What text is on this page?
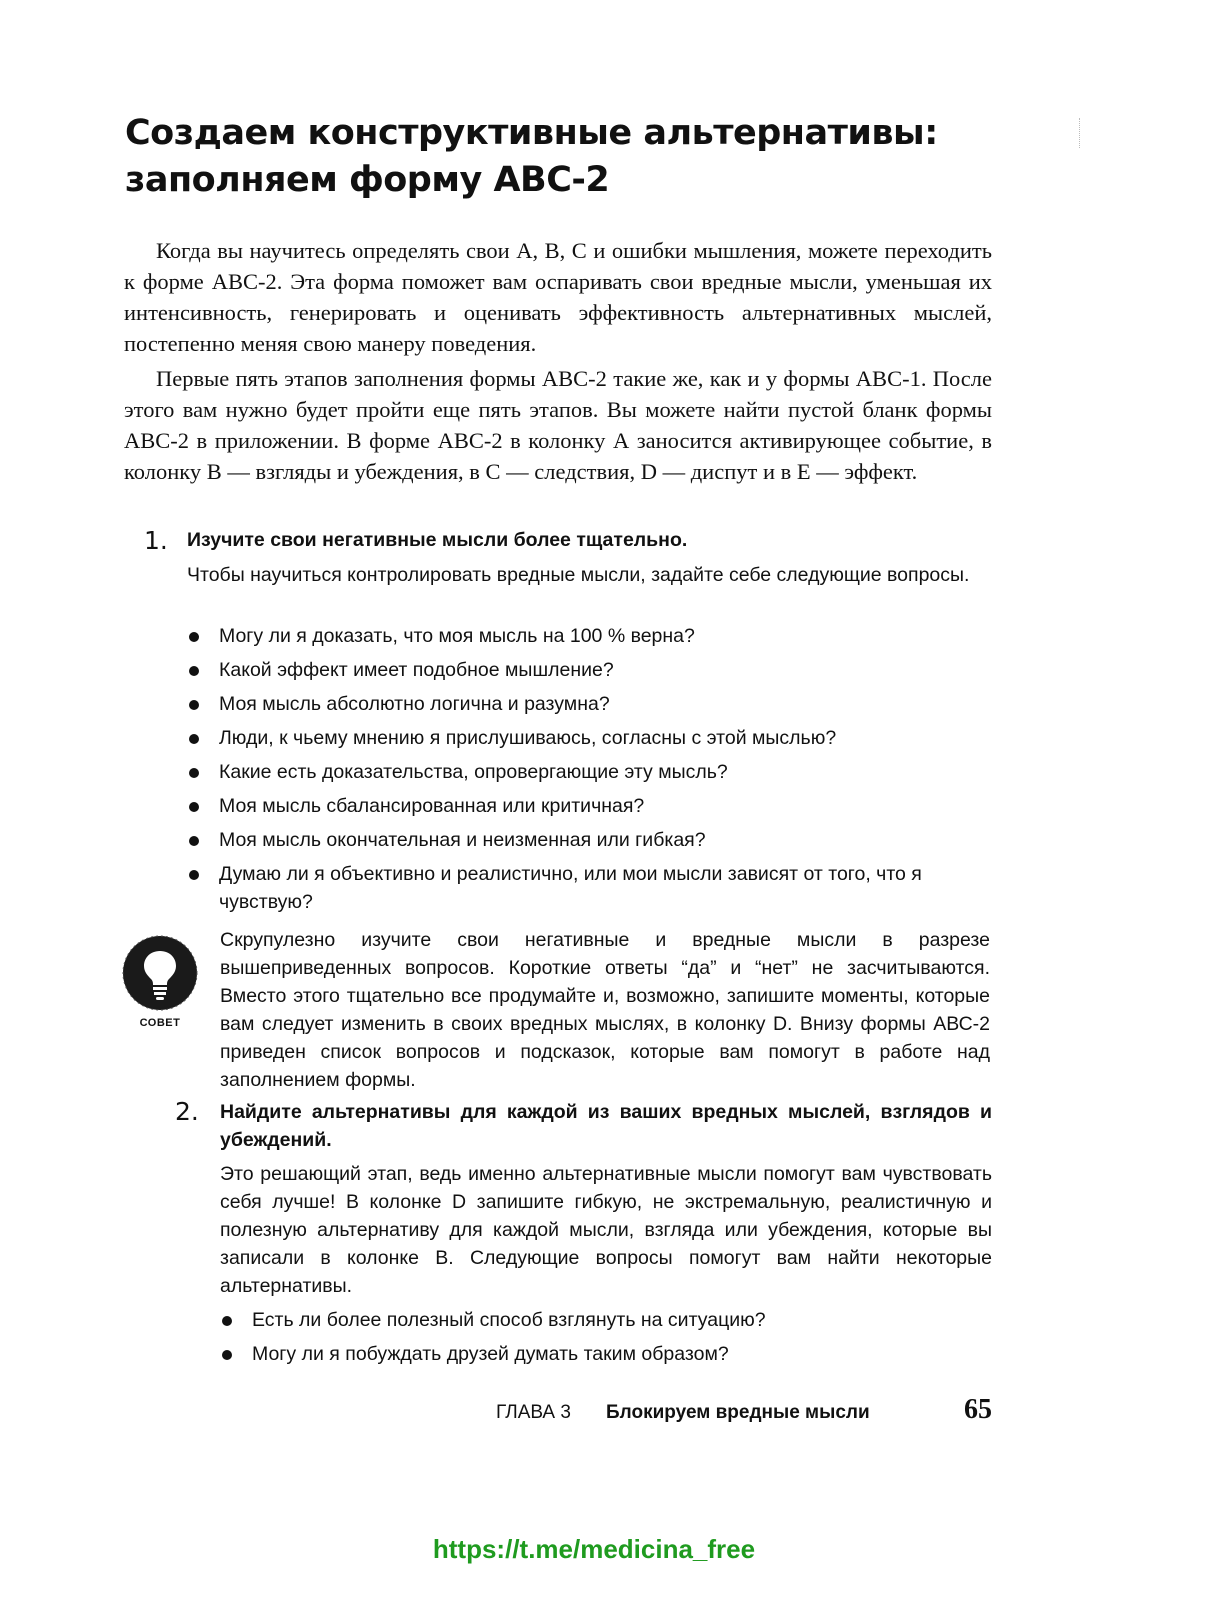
Создаем конструктивные альтернативы:
заполняем форму АВС-2

Когда вы научитесь определять свои А, В, С и ошибки мышления, можете переходить к форме АВС-2. Эта форма поможет вам оспаривать свои вредные мысли, уменьшая их интенсивность, генерировать и оценивать эффективность альтернативных мыслей, постепенно меняя свою манеру поведения.

Первые пять этапов заполнения формы АВС-2 такие же, как и у формы АВС-1. После этого вам нужно будет пройти еще пять этапов. Вы можете найти пустой бланк формы АВС-2 в приложении. В форме АВС-2 в колонку А заносится активирующее событие, в колонку В — взгляды и убеждения, в С — следствия, D — диспут и в Е — эффект.

1. Изучите свои негативные мысли более тщательно.

Чтобы научиться контролировать вредные мысли, задайте себе следующие вопросы.

Могу ли я доказать, что моя мысль на 100 % верна?
Какой эффект имеет подобное мышление?
Моя мысль абсолютно логична и разумна?
Люди, к чьему мнению я прислушиваюсь, согласны с этой мыслью?
Какие есть доказательства, опровергающие эту мысль?
Моя мысль сбалансированная или критичная?
Моя мысль окончательная и неизменная или гибкая?
Думаю ли я объективно и реалистично, или мои мысли зависят от того, что я чувствую?
СОВЕТ

Скрупулезно изучите свои негативные и вредные мысли в разрезе вышеприведенных вопросов. Короткие ответы “да” и “нет” не засчитываются. Вместо этого тщательно все продумайте и, возможно, запишите моменты, которые вам следует изменить в своих вредных мыслях, в колонку D. Внизу формы АВС-2 приведен список вопросов и подсказок, которые вам помогут в работе над заполнением формы.

2. Найдите альтернативы для каждой из ваших вредных мыслей, взглядов и убеждений.

Это решающий этап, ведь именно альтернативные мысли помогут вам чувствовать себя лучше! В колонке D запишите гибкую, не экстремальную, реалистичную и полезную альтернативу для каждой мысли, взгляда или убеждения, которые вы записали в колонке В. Следующие вопросы помогут вам найти некоторые альтернативы.

Есть ли более полезный способ взглянуть на ситуацию?
Могу ли я побуждать друзей думать таким образом?
ГЛАВА 3 Блокируем вредные мысли	65
https://t.me/medicina_free
